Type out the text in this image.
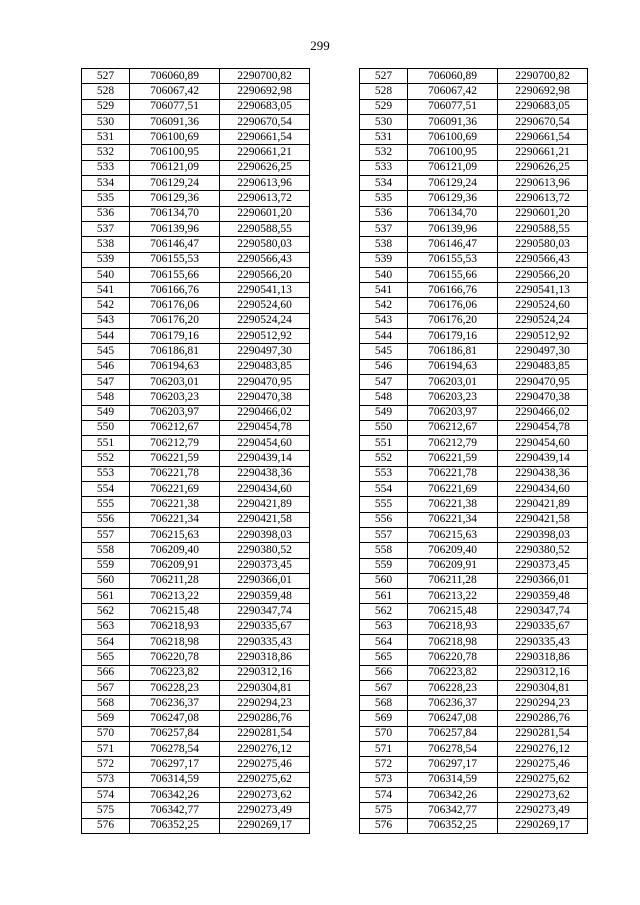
299
527	706060,89	2290700,82
528	706067,42	2290692,98
529	706077,51	2290683,05
530	706091,36	2290670,54
531	706100,69	2290661,54
532	706100,95	2290661,21
533	706121,09	2290626,25
534	706129,24	2290613,96
535	706129,36	2290613,72
536	706134,70	2290601,20
537	706139,96	2290588,55
538	706146,47	2290580,03
539	706155,53	2290566,43
540	706155,66	2290566,20
541	706166,76	2290541,13
542	706176,06	2290524,60
543	706176,20	2290524,24
544	706179,16	2290512,92
545	706186,81	2290497,30
546	706194,63	2290483,85
547	706203,01	2290470,95
548	706203,23	2290470,38
549	706203,97	2290466,02
550	706212,67	2290454,78
551	706212,79	2290454,60
552	706221,59	2290439,14
553	706221,78	2290438,36
554	706221,69	2290434,60
555	706221,38	2290421,89
556	706221,34	2290421,58
557	706215,63	2290398,03
558	706209,40	2290380,52
559	706209,91	2290373,45
560	706211,28	2290366,01
561	706213,22	2290359,48
562	706215,48	2290347,74
563	706218,93	2290335,67
564	706218,98	2290335,43
565	706220,78	2290318,86
566	706223,82	2290312,16
567	706228,23	2290304,81
568	706236,37	2290294,23
569	706247,08	2290286,76
570	706257,84	2290281,54
571	706278,54	2290276,12
572	706297,17	2290275,46
573	706314,59	2290275,62
574	706342,26	2290273,62
575	706342,77	2290273,49
576	706352,25	2290269,17
527	706060,89	2290700,82
528	706067,42	2290692,98
529	706077,51	2290683,05
530	706091,36	2290670,54
531	706100,69	2290661,54
532	706100,95	2290661,21
533	706121,09	2290626,25
534	706129,24	2290613,96
535	706129,36	2290613,72
536	706134,70	2290601,20
537	706139,96	2290588,55
538	706146,47	2290580,03
539	706155,53	2290566,43
540	706155,66	2290566,20
541	706166,76	2290541,13
542	706176,06	2290524,60
543	706176,20	2290524,24
544	706179,16	2290512,92
545	706186,81	2290497,30
546	706194,63	2290483,85
547	706203,01	2290470,95
548	706203,23	2290470,38
549	706203,97	2290466,02
550	706212,67	2290454,78
551	706212,79	2290454,60
552	706221,59	2290439,14
553	706221,78	2290438,36
554	706221,69	2290434,60
555	706221,38	2290421,89
556	706221,34	2290421,58
557	706215,63	2290398,03
558	706209,40	2290380,52
559	706209,91	2290373,45
560	706211,28	2290366,01
561	706213,22	2290359,48
562	706215,48	2290347,74
563	706218,93	2290335,67
564	706218,98	2290335,43
565	706220,78	2290318,86
566	706223,82	2290312,16
567	706228,23	2290304,81
568	706236,37	2290294,23
569	706247,08	2290286,76
570	706257,84	2290281,54
571	706278,54	2290276,12
572	706297,17	2290275,46
573	706314,59	2290275,62
574	706342,26	2290273,62
575	706342,77	2290273,49
576	706352,25	2290269,17
